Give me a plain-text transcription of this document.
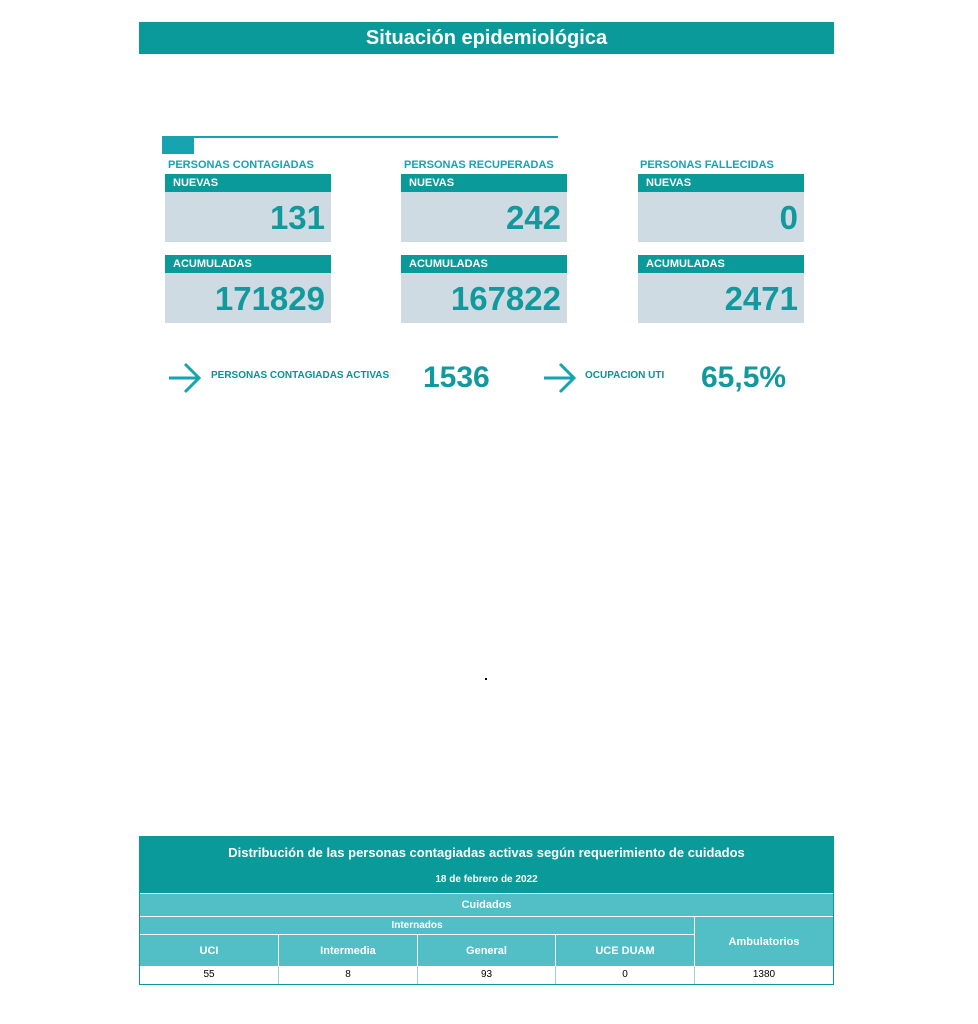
Situación epidemiológica
PERSONAS CONTAGIADAS
NUEVAS
131
ACUMULADAS
171829
PERSONAS RECUPERADAS
NUEVAS
242
ACUMULADAS
167822
PERSONAS FALLECIDAS
NUEVAS
0
ACUMULADAS
2471
PERSONAS CONTAGIADAS ACTIVAS 1536	OCUPACION UTI 65,5%
Distribución de las personas contagiadas activas según requerimiento de cuidados
18 de febrero de 2022
Cuidados
Internados
Ambulatorios
UCI	Intermedia	General	UCE DUAM
55	8	93	0	1380
